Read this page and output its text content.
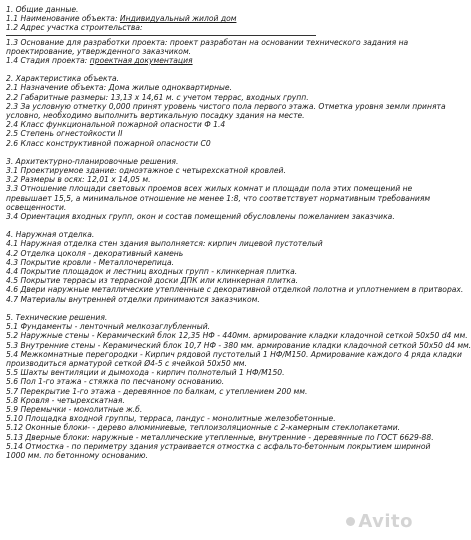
1. Общие данные.
1.1 Наименование объекта: Индивидуальный жилой дом
1.2 Адрес участка строительства:
1.3 Основание для разработки проекта: проект разработан на основании технического задания на
проектирование, утвержденного заказчиком.
1.4 Стадия проекта: проектная документация
2. Характеристика объекта.
2.1 Назначение объекта: Дома жилые одноквартирные.
2.2 Габаритные размеры: 13,13 х 14,61 м. с учетом террас, входных групп.
2.3 За условную отметку 0,000 принят уровень чистого пола первого этажа. Отметка уровня земли принята
условно, необходимо выполнить вертикальную посадку здания на месте.
2.4 Класс функциональной пожарной опасности Ф 1.4
2.5 Степень огнестойкости II
2.6 Класс конструктивной пожарной опасности С0
3. Архитектурно-планировочные решения.
3.1 Проектируемое здание: одноэтажное с четырехскатной кровлей.
3.2 Размеры в осях: 12,01 х 14,05 м.
3.3 Отношение площади световых проемов всех жилых комнат и площади пола этих помещений не
превышает 15,5, а минимальное отношение не менее 1:8, что соответствует нормативным требованиям
освещенности.
3.4 Ориентация входных групп, окон и состав помещений обусловлены пожеланием заказчика.
4. Наружная отделка.
4.1 Наружная отделка стен здания выполняется: кирпич лицевой пустотелый
4.2 Отделка цоколя - декоративный камень
4.3 Покрытие кровли - Металлочерепица.
4.4 Покрытие площадок и лестниц входных групп - клинкерная плитка.
4.5 Покрытие террасы из террасной доски ДПК или клинкерная плитка.
4.6 Двери наружные металлические утепленные с декоративной отделкой полотна и уплотнением в притворах.
4.7 Материалы внутренней отделки принимаются заказчиком.
5. Технические решения.
5.1 Фундаменты - ленточный мелкозаглубленный.
5.2 Наружные стены - Керамический блок 12,35 НФ - 440мм. армирование кладки кладочной сеткой 50х50 d4 мм.
5.3 Внутренние стены - Керамический блок 10,7 НФ - 380 мм. армирование кладки кладочной сеткой 50х50 d4 мм.
5.4 Межкомнатные перегородки - Кирпич рядовой пустотелый 1 НФ/М150. Армирование каждого 4 ряда кладки
производиться арматурой сеткой Ø4-5 с ячейкой 50х50 мм.
5.5 Шахты вентиляции и дымохода - кирпич полнотелый 1 НФ/М150.
5.6 Пол 1-го этажа - стяжка по песчаному основанию.
5.7 Перекрытие 1-го этажа - деревянное по балкам, с утеплением 200 мм.
5.8 Кровля - четырехскатная.
5.9 Перемычки - монолитные ж.б.
5.10 Площадка входной группы, терраса, пандус - монолитные железобетонные.
5.12 Оконные блоки- - дерево алюминиевые, теплоизоляционные с 2-камерным стеклопакетами.
5.13 Дверные блоки: наружные - металлические утепленные, внутренние - деревянные по ГОСТ 6629-88.
5.14 Отмостка - по периметру здания устраивается отмостка с асфальто-бетонным покрытием шириной
1000 мм. по бетонному основанию.
Avito
